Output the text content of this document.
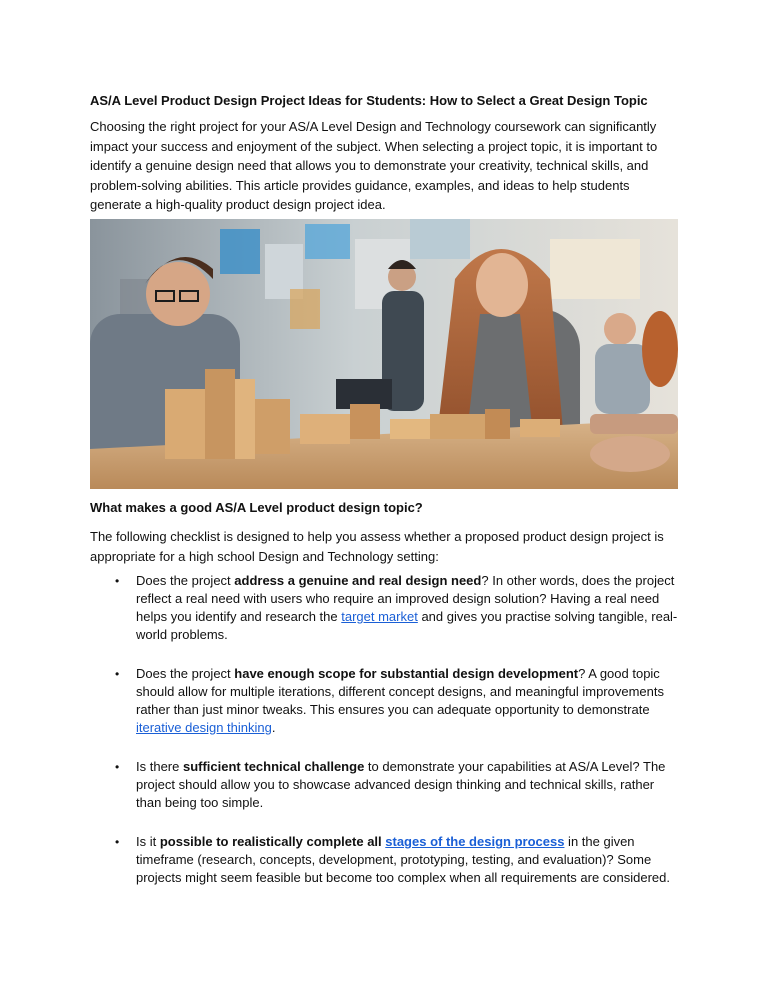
AS/A Level Product Design Project Ideas for Students: How to Select a Great Design Topic
Choosing the right project for your AS/A Level Design and Technology coursework can significantly impact your success and enjoyment of the subject. When selecting a project topic, it is important to identify a genuine design need that allows you to demonstrate your creativity, technical skills, and problem-solving abilities. This article provides guidance, examples, and ideas to help students generate a high-quality product design project idea.
What makes a good AS/A Level product design topic?
The following checklist is designed to help you assess whether a proposed product design project is appropriate for a high school Design and Technology setting:
• Does the project address a genuine and real design need? In other words, does the project reflect a real need with users who require an improved design solution? Having a real need helps you identify and research the target market and gives you practise solving tangible, real-world problems.
• Does the project have enough scope for substantial design development? A good topic should allow for multiple iterations, different concept designs, and meaningful improvements rather than just minor tweaks. This ensures you can adequate opportunity to demonstrate iterative design thinking.
• Is there sufficient technical challenge to demonstrate your capabilities at AS/A Level? The project should allow you to showcase advanced design thinking and technical skills, rather than being too simple.
• Is it possible to realistically complete all stages of the design process in the given timeframe (research, concepts, development, prototyping, testing, and evaluation)? Some projects might seem feasible but become too complex when all requirements are considered.
